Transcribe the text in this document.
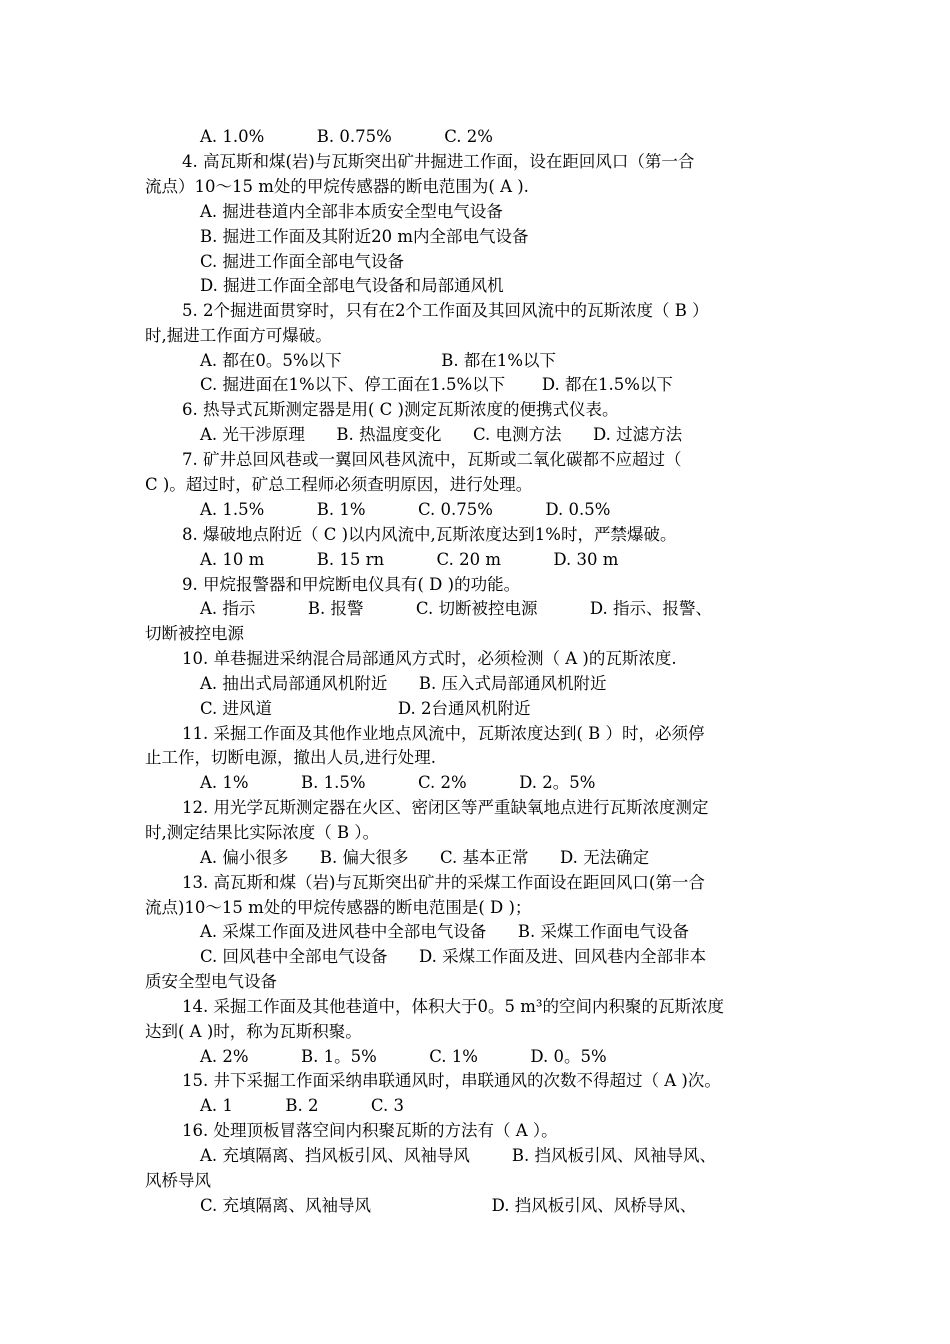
A. 1.0%          B. 0.75%          C. 2%
4. 高瓦斯和煤(岩)与瓦斯突出矿井掘进工作面，设在距回风口（第一合
流点）10～15 m处的甲烷传感器的断电范围为( A ).
A. 掘进巷道内全部非本质安全型电气设备
B. 掘进工作面及其附近20 m内全部电气设备
C. 掘进工作面全部电气设备
D. 掘进工作面全部电气设备和局部通风机
5. 2个掘进面贯穿时，只有在2个工作面及其回风流中的瓦斯浓度（ B ）
时,掘进工作面方可爆破。
A. 都在0。5%以下                   B. 都在1%以下
C. 掘进面在1%以下、停工面在1.5%以下       D. 都在1.5%以下
6. 热导式瓦斯测定器是用( C )测定瓦斯浓度的便携式仪表。
A. 光干涉原理      B. 热温度变化      C. 电测方法      D. 过滤方法
7. 矿井总回风巷或一翼回风巷风流中，瓦斯或二氧化碳都不应超过（
C )。超过时，矿总工程师必须查明原因，进行处理。
A. 1.5%          B. 1%          C. 0.75%          D. 0.5%
8. 爆破地点附近（ C )以内风流中,瓦斯浓度达到1%时，严禁爆破。
A. 10 m          B. 15 rn          C. 20 m          D. 30 m
9. 甲烷报警器和甲烷断电仪具有( D )的功能。
A. 指示          B. 报警          C. 切断被控电源          D. 指示、报警、
切断被控电源
10. 单巷掘进采纳混合局部通风方式时，必须检测（ A )的瓦斯浓度.
A. 抽出式局部通风机附近      B. 压入式局部通风机附近
C. 进风道                        D. 2台通风机附近
11. 采掘工作面及其他作业地点风流中，瓦斯浓度达到( B ）时，必须停
止工作，切断电源，撤出人员,进行处理.
A. 1%          B. 1.5%          C. 2%          D. 2。5%
12. 用光学瓦斯测定器在火区、密闭区等严重缺氧地点进行瓦斯浓度测定
时,测定结果比实际浓度（ B ）。
A. 偏小很多      B. 偏大很多      C. 基本正常      D. 无法确定
13. 高瓦斯和煤（岩)与瓦斯突出矿井的采煤工作面设在距回风口(第一合
流点)10～15 m处的甲烷传感器的断电范围是( D )；
A. 采煤工作面及进风巷中全部电气设备      B. 采煤工作面电气设备
C. 回风巷中全部电气设备      D. 采煤工作面及进、回风巷内全部非本
质安全型电气设备
14. 采掘工作面及其他巷道中，体积大于0。5 m³的空间内积聚的瓦斯浓度
达到( A )时，称为瓦斯积聚。
A. 2%          B. 1。5%          C. 1%          D. 0。5%
15. 井下采掘工作面采纳串联通风时，串联通风的次数不得超过（ A )次。
A. 1          B. 2          C. 3
16. 处理顶板冒落空间内积聚瓦斯的方法有（ A ）。
A. 充填隔离、挡风板引风、风袖导风        B. 挡风板引风、风袖导风、
风桥导风
C. 充填隔离、风袖导风                       D. 挡风板引风、风桥导风、
